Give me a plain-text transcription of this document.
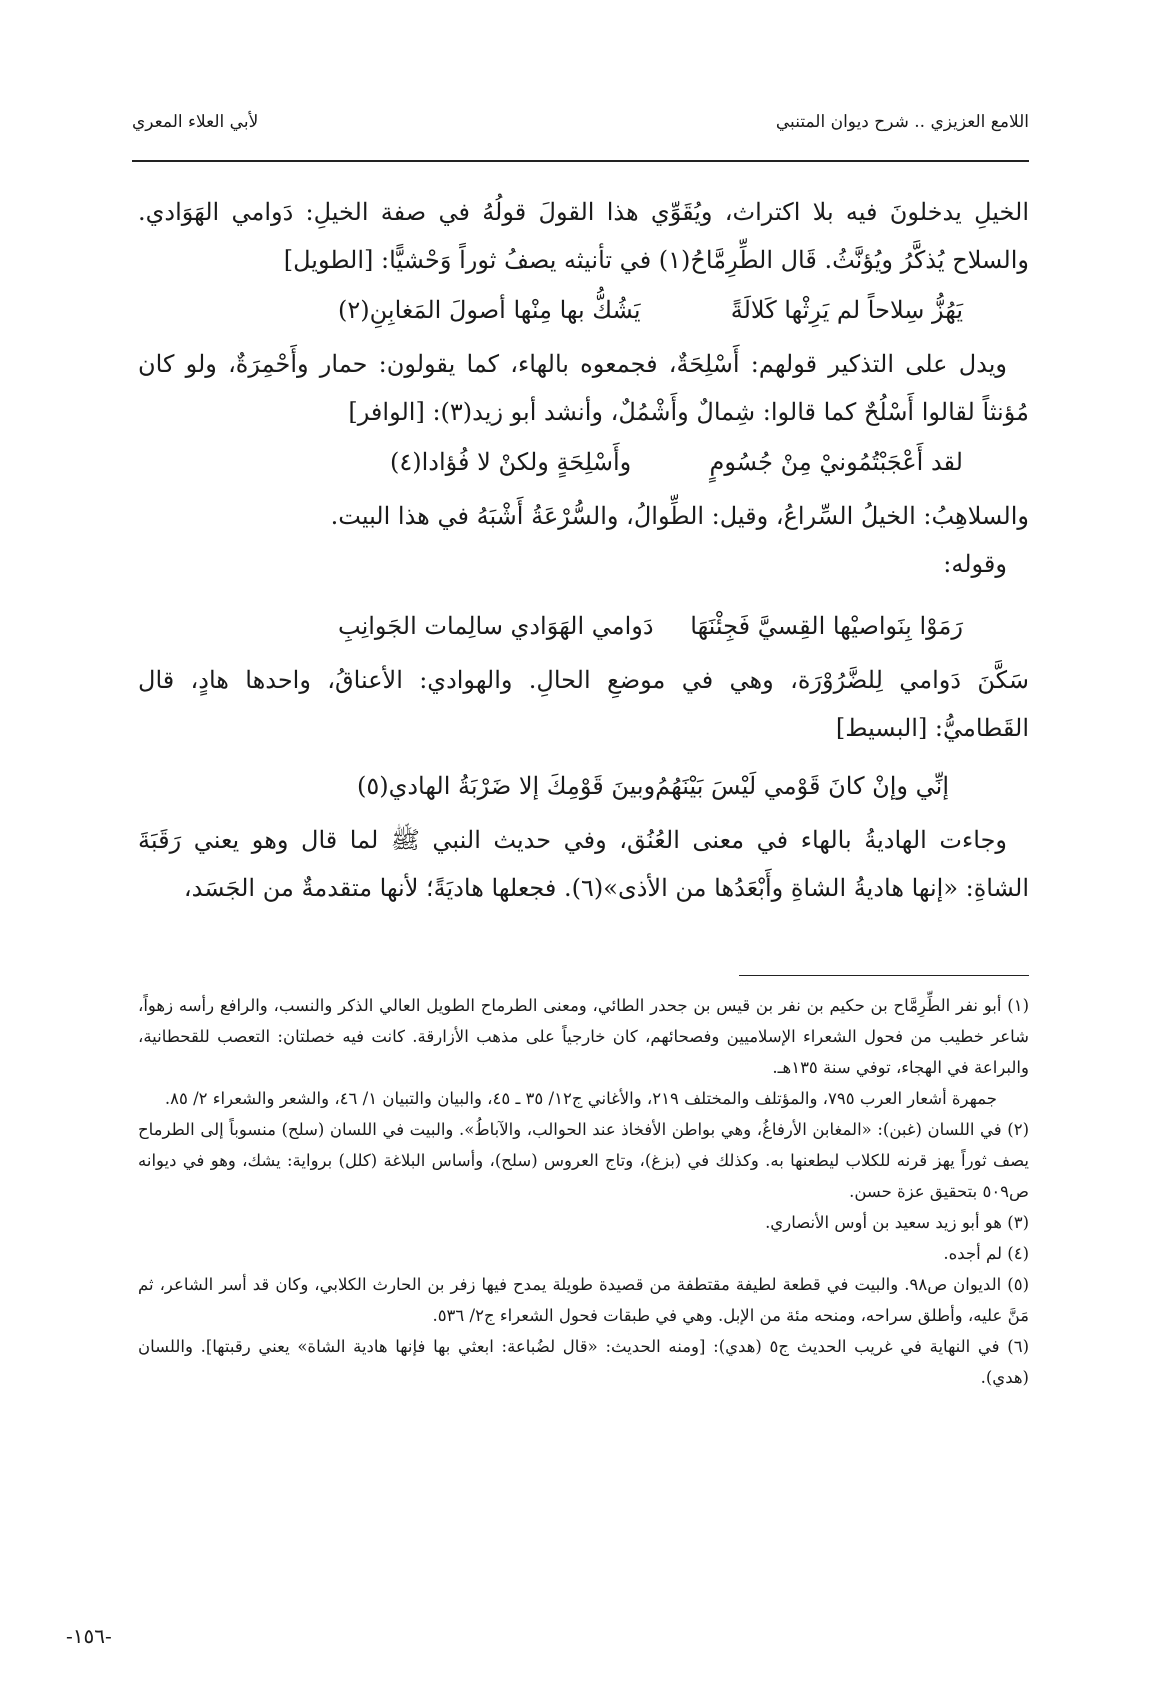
اللامع العزيزي .. شرح ديوان المتنبي
لأبي العلاء المعري

الخيلِ يدخلونَ فيه بلا اكتراث، ويُقَوِّي هذا القولَ قولُهُ في صفة الخيلِ: دَوامي الهَوَادي. والسلاح يُذكَّرُ ويُؤنَّثُ. قَال الطِّرِمَّاحُ(١) في تأنيثه يصفُ ثوراً وَحْشيًّا: [الطويل]

يَهُزُّ سِلاحاً لم يَرِثْها كَلالَةً
يَشُكُّ بها مِنْها أصولَ المَغابِنِ(٢)

ويدل على التذكير قولهم: أَسْلِحَةٌ، فجمعوه بالهاء، كما يقولون: حمار وأَحْمِرَةٌ، ولو كان مُؤنثاً لقالوا أَسْلُحٌ كما قالوا: شِمالٌ وأَشْمُلٌ، وأنشد أبو زيد(٣): [الوافر]

لقد أَعْجَبْتُمُونيْ مِنْ جُسُومٍ
وأَسْلِحَةٍ ولكنْ لا فُؤادا(٤)

والسلاهِبُ: الخيلُ السِّراعُ، وقيل: الطِّوالُ، والسُّرْعَةُ أَشْبَهُ في هذا البيت.

وقوله:

رَمَوْا بِنَواصيْها القِسيَّ فَجِئْنَهَا
دَوامي الهَوَادي سالِمات الجَوانِبِ

سَكَّنَ دَوامي لِلضَّرُوْرَة، وهي في موضعِ الحالِ. والهوادي: الأعناقُ، واحدها هادٍ، قال القَطاميُّ: [البسيط]

إنِّي وإنْ كانَ قَوْمي لَيْسَ بَيْنَهُمُ
وبينَ قَوْمِكَ إلا ضَرْبَةُ الهادي(٥)

وجاءت الهاديةُ بالهاء في معنى العُنُق، وفي حديث النبي ﷺ لما قال وهو يعني رَقَبَةَ الشاةِ: «إنها هاديةُ الشاةِ وأَبْعَدُها من الأذى»(٦). فجعلها هاديَةً؛ لأنها متقدمةٌ من الجَسَد،

(١) أبو نفر الطِّرِمَّاح بن حكيم بن نفر بن قيس بن جحدر الطائي، ومعنى الطرماح الطويل العالي الذكر والنسب، والرافع رأسه زهواً، شاعر خطيب من فحول الشعراء الإسلاميين وفصحائهم، كان خارجياً على مذهب الأزارقة. كانت فيه خصلتان: التعصب للقحطانية، والبراعة في الهجاء، توفي سنة ١٣٥هـ.

جمهرة أشعار العرب ٧٩٥، والمؤتلف والمختلف ٢١٩، والأغاني ج١٢/ ٣٥ ـ ٤٥، والبيان والتبيان ١/ ٤٦، والشعر والشعراء ٢/ ٨٥.

(٢) في اللسان (غبن): «المغابن الأرفاغُ، وهي بواطن الأفخاذ عند الحوالب، والآباطُ». والبيت في اللسان (سلح) منسوباً إلى الطرماح يصف ثوراً يهز قرنه للكلاب ليطعنها به. وكذلك في (بزغ)، وتاج العروس (سلح)، وأساس البلاغة (كلل) برواية: يشك، وهو في ديوانه ص٥٠٩ بتحقيق عزة حسن.

(٣) هو أبو زيد سعيد بن أوس الأنصاري.

(٤) لم أجده.

(٥) الديوان ص٩٨. والبيت في قطعة لطيفة مقتطفة من قصيدة طويلة يمدح فيها زفر بن الحارث الكلابي، وكان قد أسر الشاعر، ثم مَنَّ عليه، وأطلق سراحه، ومنحه مئة من الإبل. وهي في طبقات فحول الشعراء ج٢/ ٥٣٦.

(٦) في النهاية في غريب الحديث ج٥ (هدي): [ومنه الحديث: «قال لضُباعة: ابعثي بها فإنها هادية الشاة» يعني رقبتها]. واللسان (هدي).

-١٥٦-
